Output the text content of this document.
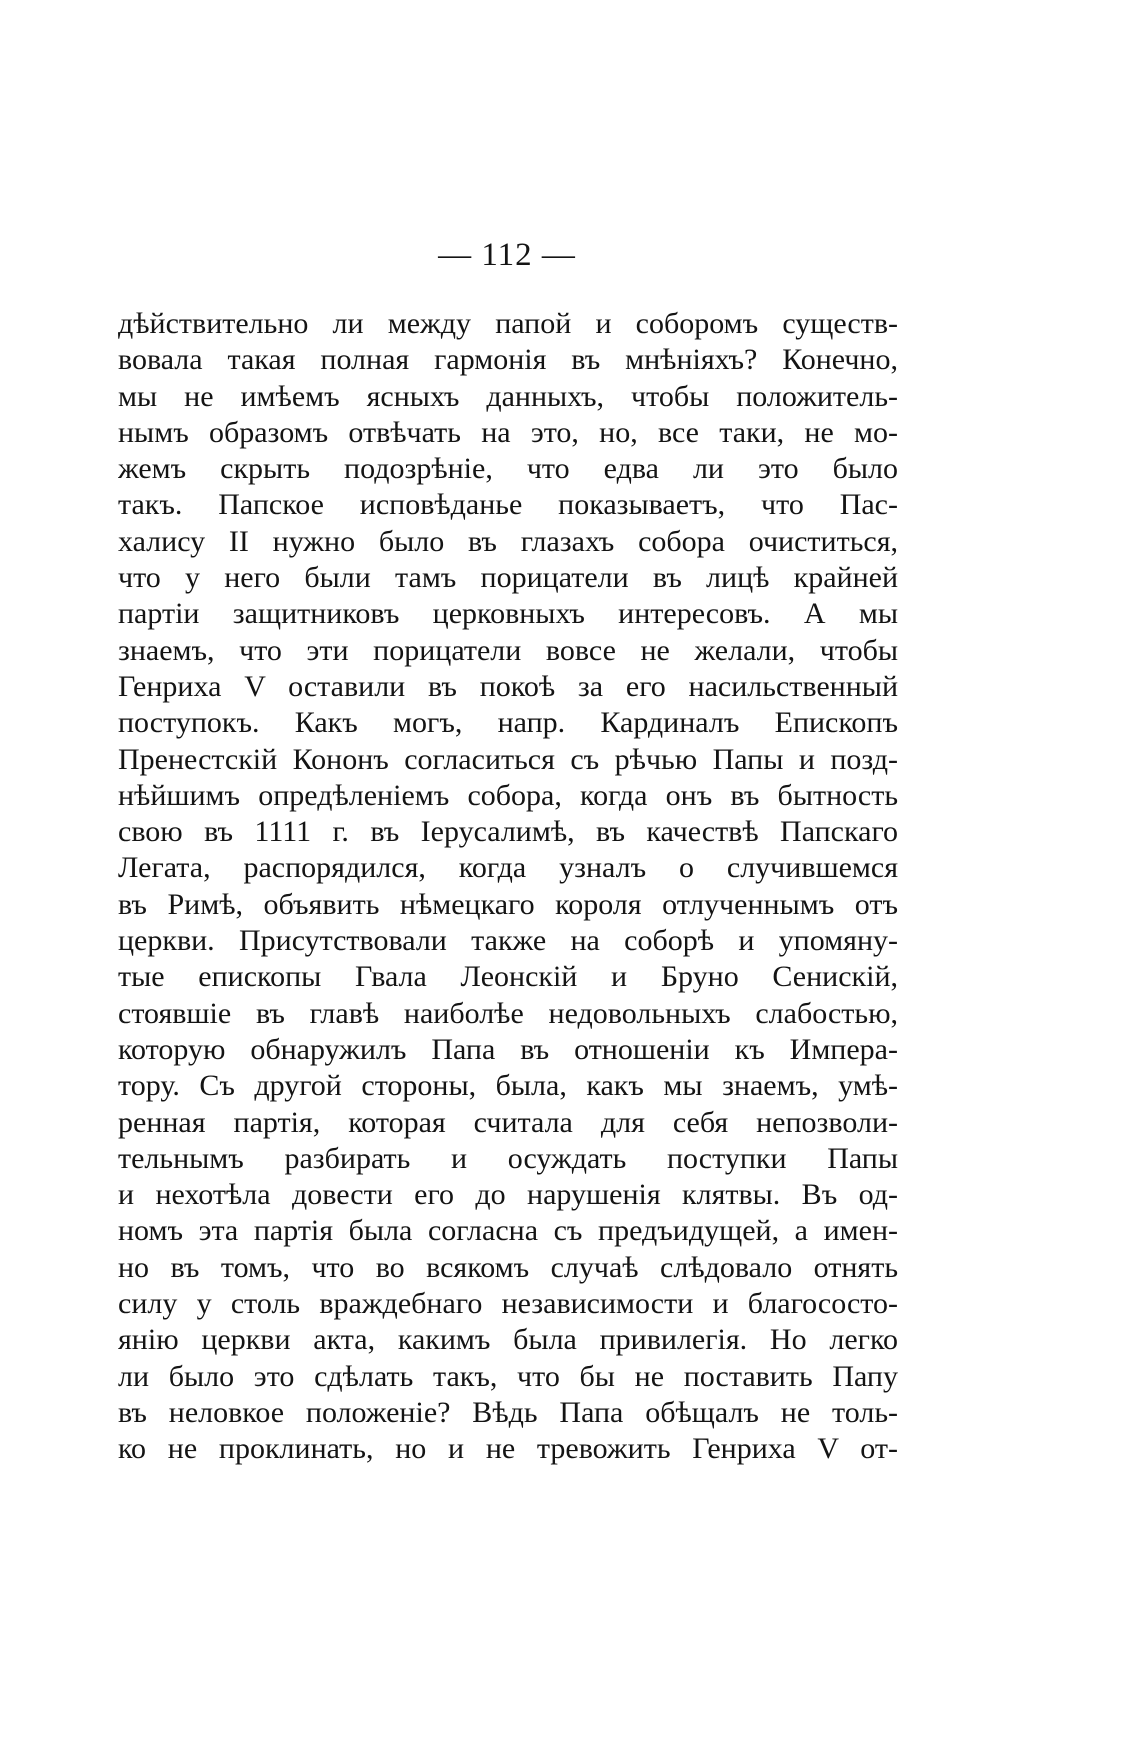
— 112 —
дѣйствительно ли между папой и соборомъ существ-
вовала такая полная гармонія въ мнѣніяхъ? Конечно,
мы не имѣемъ ясныхъ данныхъ, чтобы положитель-
нымъ образомъ отвѣчать на это, но, все таки, не мо-
жемъ скрыть подозрѣніе, что едва ли это было
такъ. Папское исповѣданье показываетъ, что Пас-
халису II нужно было въ глазахъ собора очиститься,
что у него были тамъ порицатели въ лицѣ крайней
партіи защитниковъ церковныхъ интересовъ. А мы
знаемъ, что эти порицатели вовсе не желали, чтобы
Генриха V оставили въ покоѣ за его насильственный
поступокъ. Какъ могъ, напр. Кардиналъ Епископъ
Пренестскій Кононъ согласиться съ рѣчью Папы и позд-
нѣйшимъ опредѣленіемъ собора, когда онъ въ бытность
свою въ 1111 г. въ Іерусалимѣ, въ качествѣ Папскаго
Легата, распорядился, когда узналъ о случившемся
въ Римѣ, объявить нѣмецкаго короля отлученнымъ отъ
церкви. Присутствовали также на соборѣ и упомяну-
тые епископы Гвала Леонскій и Бруно Сенискій,
стоявшіе въ главѣ наиболѣе недовольныхъ слабостью,
которую обнаружилъ Папа въ отношеніи къ Импера-
тору. Съ другой стороны, была, какъ мы знаемъ, умѣ-
ренная партія, которая считала для себя непозволи-
тельнымъ разбирать и осуждать поступки Папы
и нехотѣла довести его до нарушенія клятвы. Въ од-
номъ эта партія была согласна съ предъидущей, а имен-
но въ томъ, что во всякомъ случаѣ слѣдовало отнять
силу у столь враждебнаго независимости и благососто-
янію церкви акта, какимъ была привилегія. Но легко
ли было это сдѣлать такъ, что бы не поставить Папу
въ неловкое положеніе? Вѣдь Папа обѣщалъ не толь-
ко не проклинать, но и не тревожить Генриха V от-
